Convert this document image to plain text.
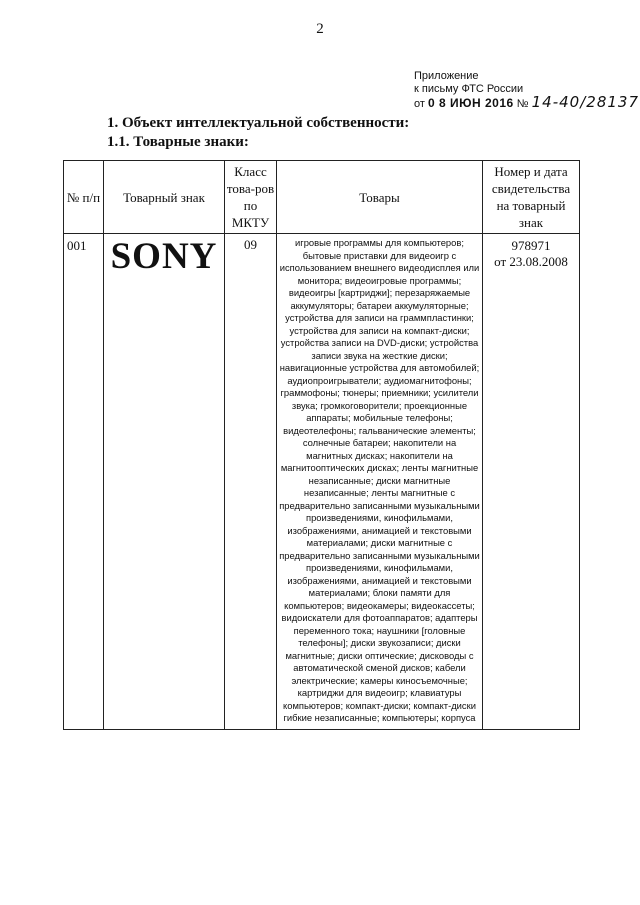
2
Приложение
к письму ФТС России
от 0 8 ИЮН 2016 № 14-40/28137
1. Объект интеллектуальной собственности:
1.1. Товарные знаки:
№ п/п	Товарный знак	Класс това-ров по МКТУ	Товары	Номер и дата свидетельства на товарный знак
001	SONY	09	игровые программы для компьютеров; бытовые приставки для видеоигр с использованием внешнего видеодисплея или монитора; видеоигровые программы; видеоигры [картриджи]; перезаряжаемые аккумуляторы; батареи аккумуляторные; устройства для записи на граммпластинки; устройства для записи на компакт-диски; устройства записи на DVD-диски; устройства записи звука на жесткие диски; навигационные устройства для автомобилей; аудиопроигрыватели; аудиомагнитофоны; граммофоны; тюнеры; приемники; усилители звука; громкоговорители; проекционные аппараты; мобильные телефоны; видеотелефоны; гальванические элементы; солнечные батареи; накопители на магнитных дисках; накопители на магнитооптических дисках; ленты магнитные незаписанные; диски магнитные незаписанные; ленты магнитные с предварительно записанными музыкальными произведениями, кинофильмами, изображениями, анимацией и текстовыми материалами; диски магнитные с предварительно записанными музыкальными произведениями, кинофильмами, изображениями, анимацией и текстовыми материалами; блоки памяти для компьютеров; видеокамеры; видеокассеты; видоискатели для фотоаппаратов; адаптеры переменного тока; наушники [головные телефоны]; диски звукозаписи; диски магнитные; диски оптические; дисководы с автоматической сменой дисков; кабели электрические; камеры киносъемочные; картриджи для видеоигр; клавиатуры компьютеров; компакт-диски; компакт-диски гибкие незаписанные; компьютеры; корпуса	978971
от 23.08.2008
